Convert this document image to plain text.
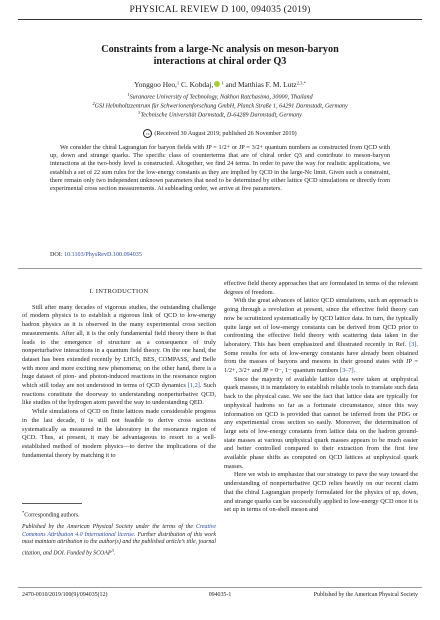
PHYSICAL REVIEW D 100, 094035 (2019)
Constraints from a large-Nc analysis on meson-baryon
interactions at chiral order Q3
Yonggoo Heo,$^1$ C. Kobdaj, $^1$ and Matthias F. M. Lutz$^{2,3,*}$
$^1$Suranaree University of Technology, Nakhon Ratchasima, 30000, Thailand
$^2$GSI Helmholtzzentrum für Schwerionenforschung GmbH, Planck Straße 1, 64291 Darmstadt, Germany
$^3$Technische Universität Darmstadt, D-64289 Darmstadt, Germany
cc (Received 30 August 2019; published 26 November 2019)
We consider the chiral Lagrangian for baryon fields with JP = 1/2+ or JP = 3/2+ quantum numbers as constructed from QCD with up, down and strange quarks. The specific class of counterterms that are of chiral order Q3 and contribute to meson-baryon interactions at the two-body level is constructed. Altogether, we find 24 terms. In order to pave the way for realistic applications, we establish a set of 22 sum rules for the low-energy constants as they are implied by QCD in the large-Nc limit. Given such a constraint, there remain only two independent unknown parameters that need to be determined by either lattice QCD simulations or directly from experimental cross section measurements. At subleading order, we arrive at five parameters.
DOI: 10.1103/PhysRevD.100.094035
I. INTRODUCTION

Still after many decades of vigorous studies, the outstanding challenge of modern physics is to establish a rigorous link of QCD to low-energy hadron physics as it is observed in the many experimental cross section measurements. After all, it is the only fundamental field theory there is that leads to the emergence of structure as a consequence of truly nonperturbative interactions in a quantum field theory. On the one hand, the dataset has been extended recently by LHCb, BES, COMPASS, and Belle with more and more exciting new phenomena; on the other hand, there is a huge dataset of pion- and photon-induced reactions in the resonance region which still today are not understood in terms of QCD dynamics [1,2]. Such reactions constitute the doorway to understanding nonperturbative QCD, like studies of the hydrogen atom paved the way to understanding QED.

While simulations of QCD on finite lattices made considerable progress in the last decade, it is still not feasible to derive cross sections systematically as measured in the laboratory in the resonance region of QCD. Thus, at present, it may be advantageous to resort to a well-established method of modern physics—to derive the implications of the fundamental theory by matching it to

effective field theory approaches that are formulated in terms of the relevant degrees of freedom.

With the great advances of lattice QCD simulations, such an approach is going through a revolution at present, since the effective field theory can now be scrutinized systematically by QCD lattice data. In turn, the typically quite large set of low-energy constants can be derived from QCD prior to confronting the effective field theory with scattering data taken in the laboratory. This has been emphasized and illustrated recently in Ref. [3]. Some results for sets of low-energy constants have already been obtained from the masses of baryons and mesons in their ground states with JP = 1/2+, 3/2+ and JP = 0−, 1− quantum numbers [3–7].

Since the majority of available lattice data were taken at unphysical quark masses, it is mandatory to establish reliable tools to translate such data back to the physical case. We see the fact that lattice data are typically for unphysical hadrons so far as a fortunate circumstance, since this way information on QCD is provided that cannot be inferred from the PDG or any experimental cross section so easily. Moreover, the determination of large sets of low-energy constants from lattice data on the hadron ground-state masses at various unphysical quark masses appears to be much easier and better controlled compared to their extraction from the first few available phase shifts as computed on QCD lattices at unphysical quark masses.

Here we wish to emphasize that our strategy to pave the way toward the understanding of nonperturbative QCD relies heavily on our recent claim that the chiral Lagrangian properly formulated for the physics of up, down, and strange quarks can be successfully applied to low-energy QCD once it is set up in terms of on-shell meson and

*Corresponding authors.
Published by the American Physical Society under the terms of the Creative Commons Attribution 4.0 International license. Further distribution of this work must maintain attribution to the author(s) and the published article’s title, journal citation, and DOI. Funded by SCOAP$^3$.
2470-0010/2019/100(9)/094035(12)	094035-1	Published by the American Physical Society
